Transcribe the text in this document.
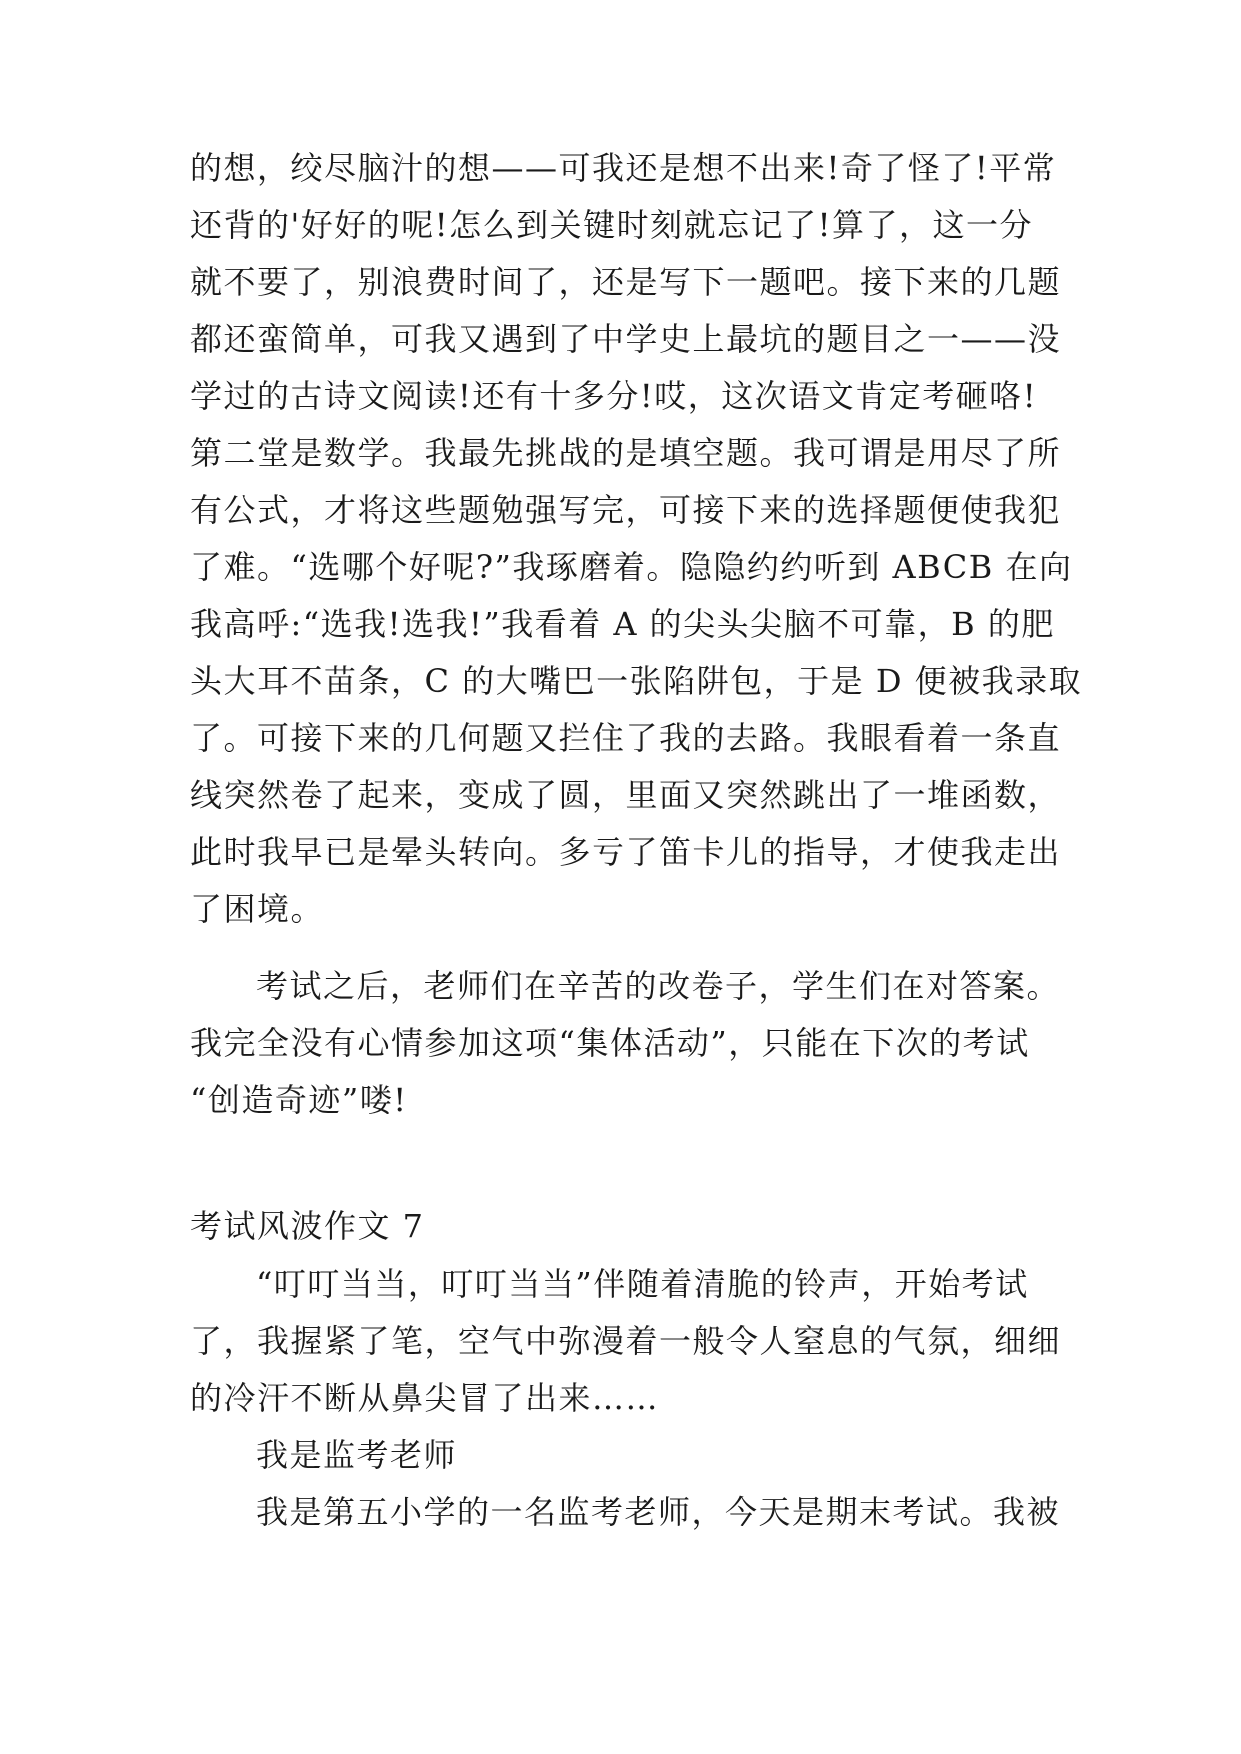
的想，绞尽脑汁的想——可我还是想不出来!奇了怪了!平常
还背的'好好的呢!怎么到关键时刻就忘记了!算了，这一分
就不要了，别浪费时间了，还是写下一题吧。接下来的几题
都还蛮简单，可我又遇到了中学史上最坑的题目之一——没
学过的古诗文阅读!还有十多分!哎，这次语文肯定考砸咯!
第二堂是数学。我最先挑战的是填空题。我可谓是用尽了所
有公式，才将这些题勉强写完，可接下来的选择题便使我犯
了难。“选哪个好呢?”我琢磨着。隐隐约约听到 ABCB 在向
我高呼:“选我!选我!”我看着 A 的尖头尖脑不可靠，B 的肥
头大耳不苗条，C 的大嘴巴一张陷阱包，于是 D 便被我录取
了。可接下来的几何题又拦住了我的去路。我眼看着一条直
线突然卷了起来，变成了圆，里面又突然跳出了一堆函数，
此时我早已是晕头转向。多亏了笛卡儿的指导，才使我走出
了困境。
考试之后，老师们在辛苦的改卷子，学生们在对答案。
我完全没有心情参加这项“集体活动”，只能在下次的考试
“创造奇迹”喽!
考试风波作文 7
“叮叮当当，叮叮当当”伴随着清脆的铃声，开始考试
了，我握紧了笔，空气中弥漫着一般令人窒息的气氛，细细
的冷汗不断从鼻尖冒了出来……
我是监考老师
我是第五小学的一名监考老师，今天是期末考试。我被
